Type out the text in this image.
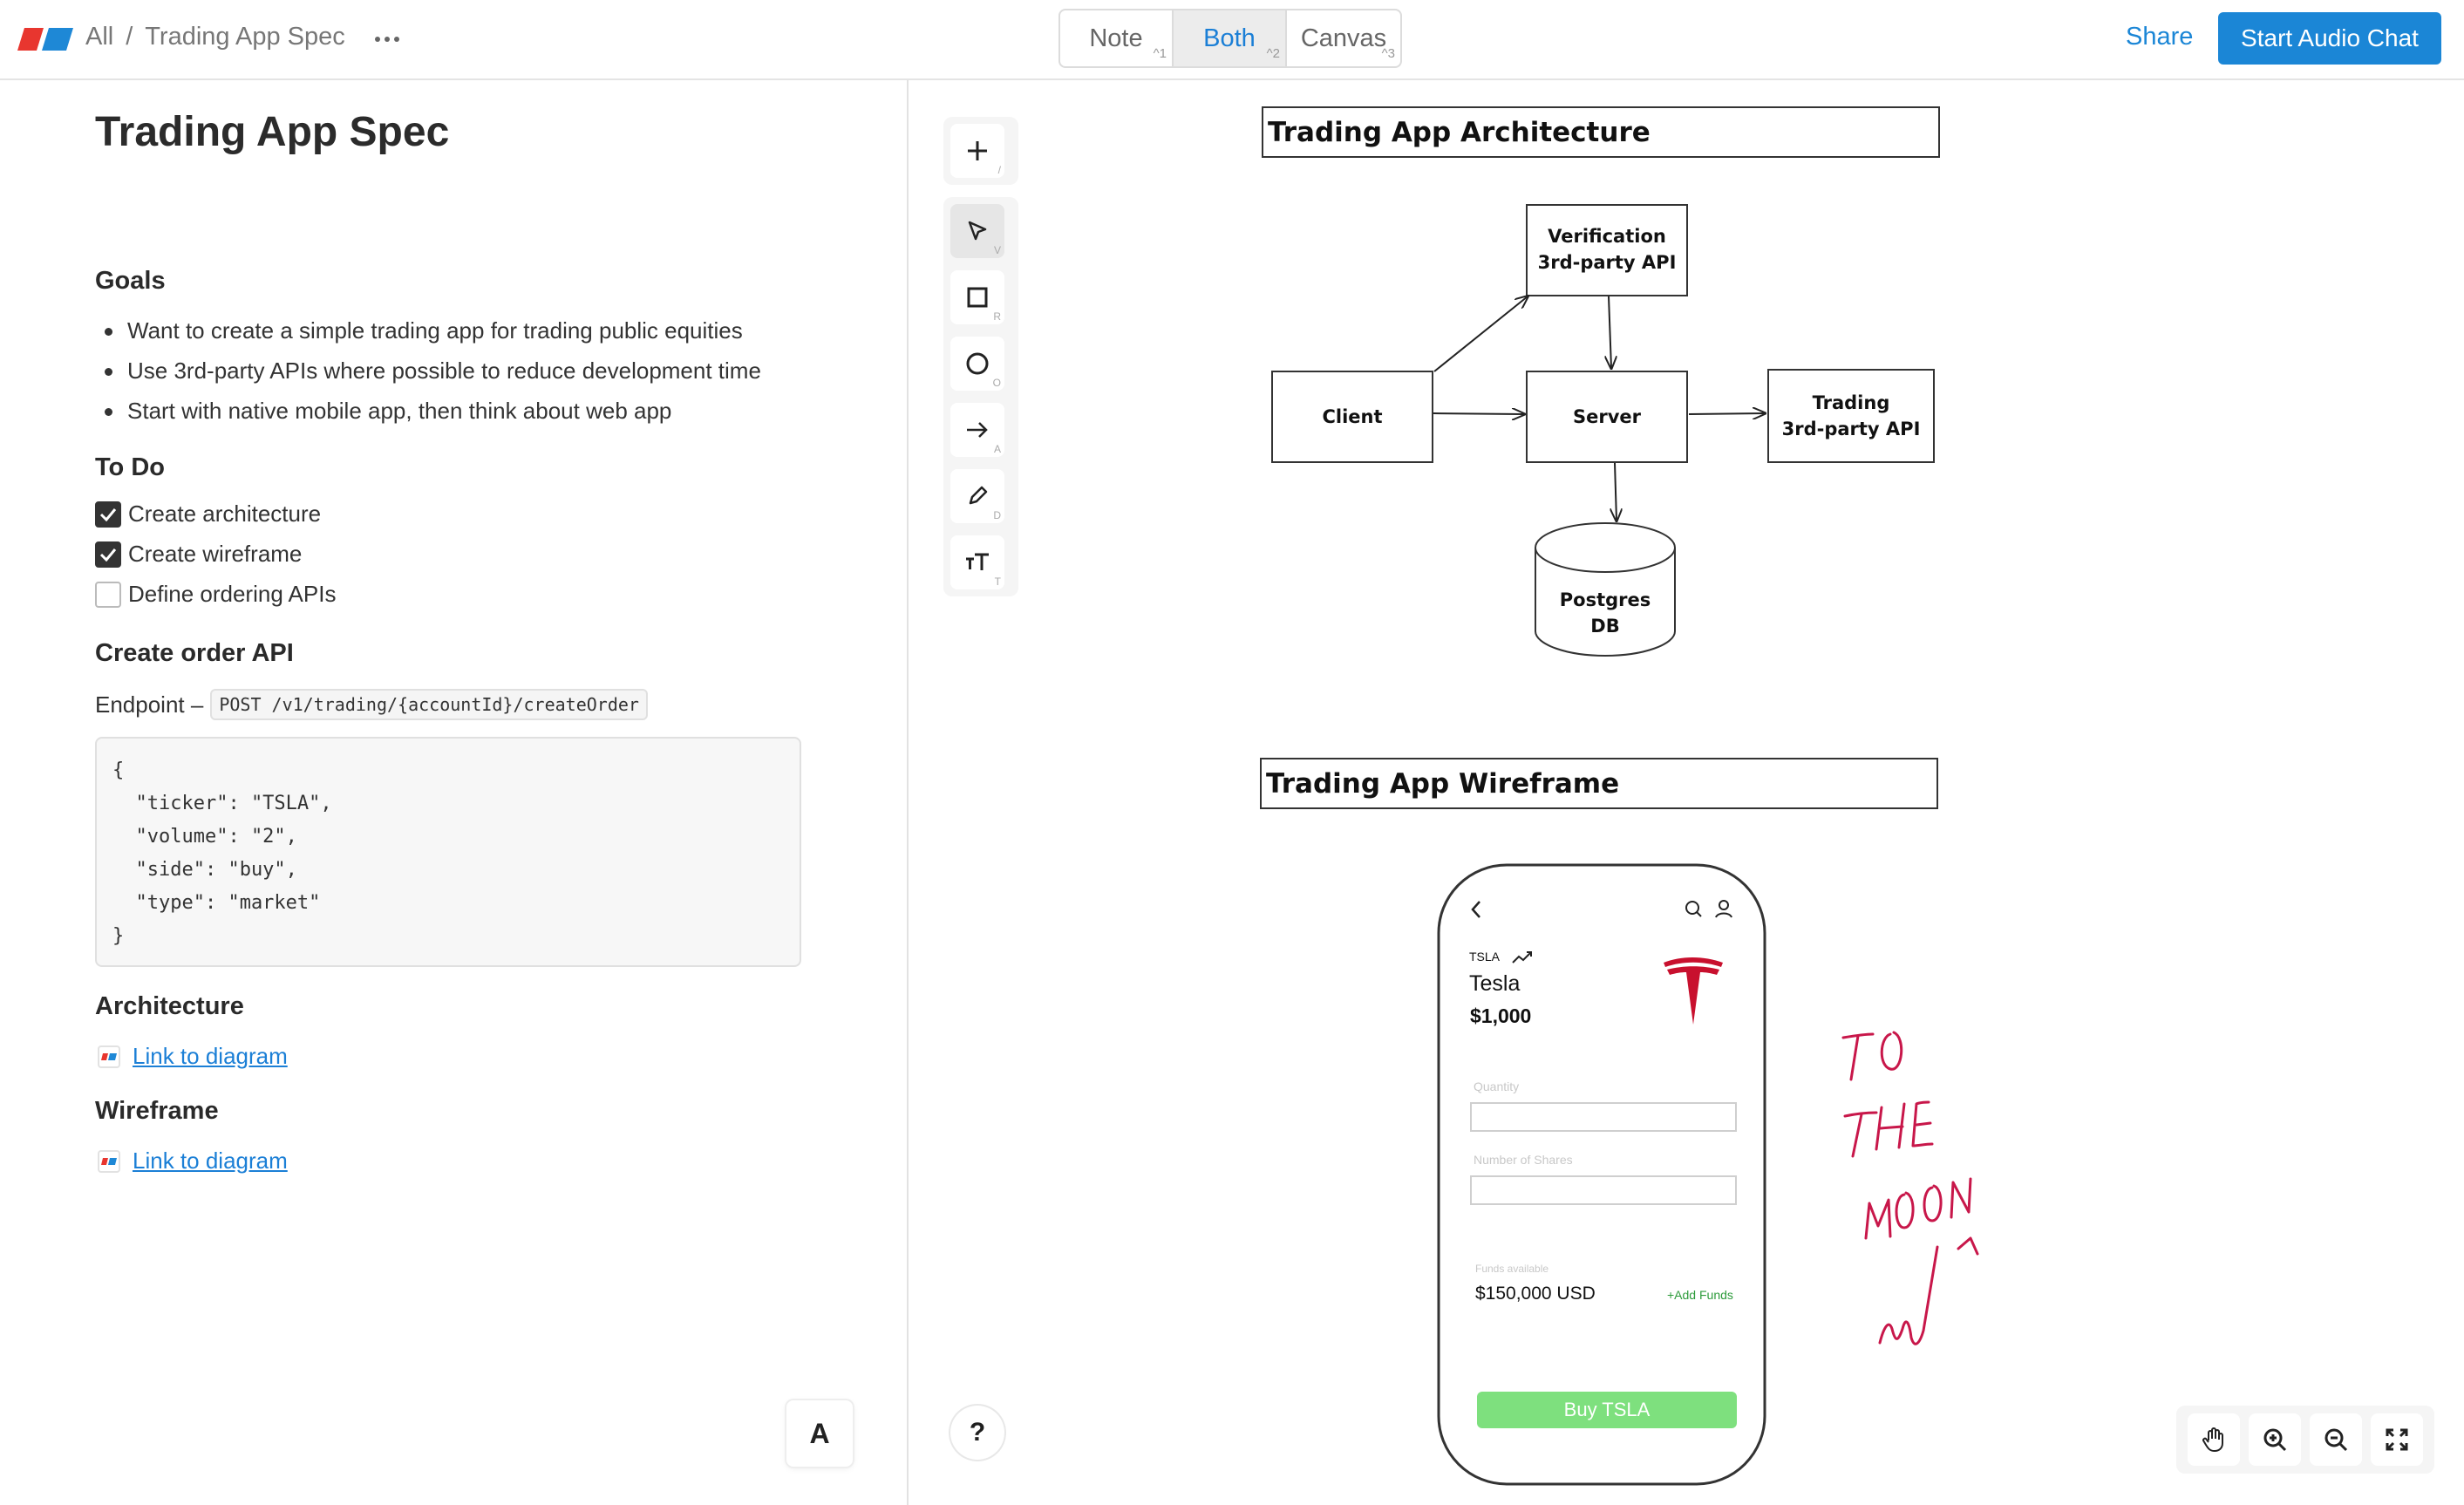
All / Trading App Spec	Note
$_{\^{}1}$
Both
$_{\^{}2}$
Canvas
^3
Share	Start Audio Chat
Trading App Spec
Goals
Want to create a simple trading app for trading public equities
Use 3rd-party APIs where possible to reduce development time
Start with native mobile app, then think about web app
To Do
Create architecture
Create wireframe
Define ordering APIs
Create order API
Endpoint – POST /v1/trading/{accountId}/createOrder
{
"ticker": "TSLA",
"volume": "2",
"side": "buy",
"type": "market"
}
Architecture
Link to diagram
Wireframe
Link to diagram
A
/
V
R
O
A
D
T
?
Trading App Architecture
Verification
3rd-party API
Client	Server
Trading
3rd-party API
Postgres
DB
Trading App Wireframe
TSLA
Tesla
$1,000
Quantity
Number of Shares
Funds available
$150,000 USD	+Add Funds
Buy TSLA
